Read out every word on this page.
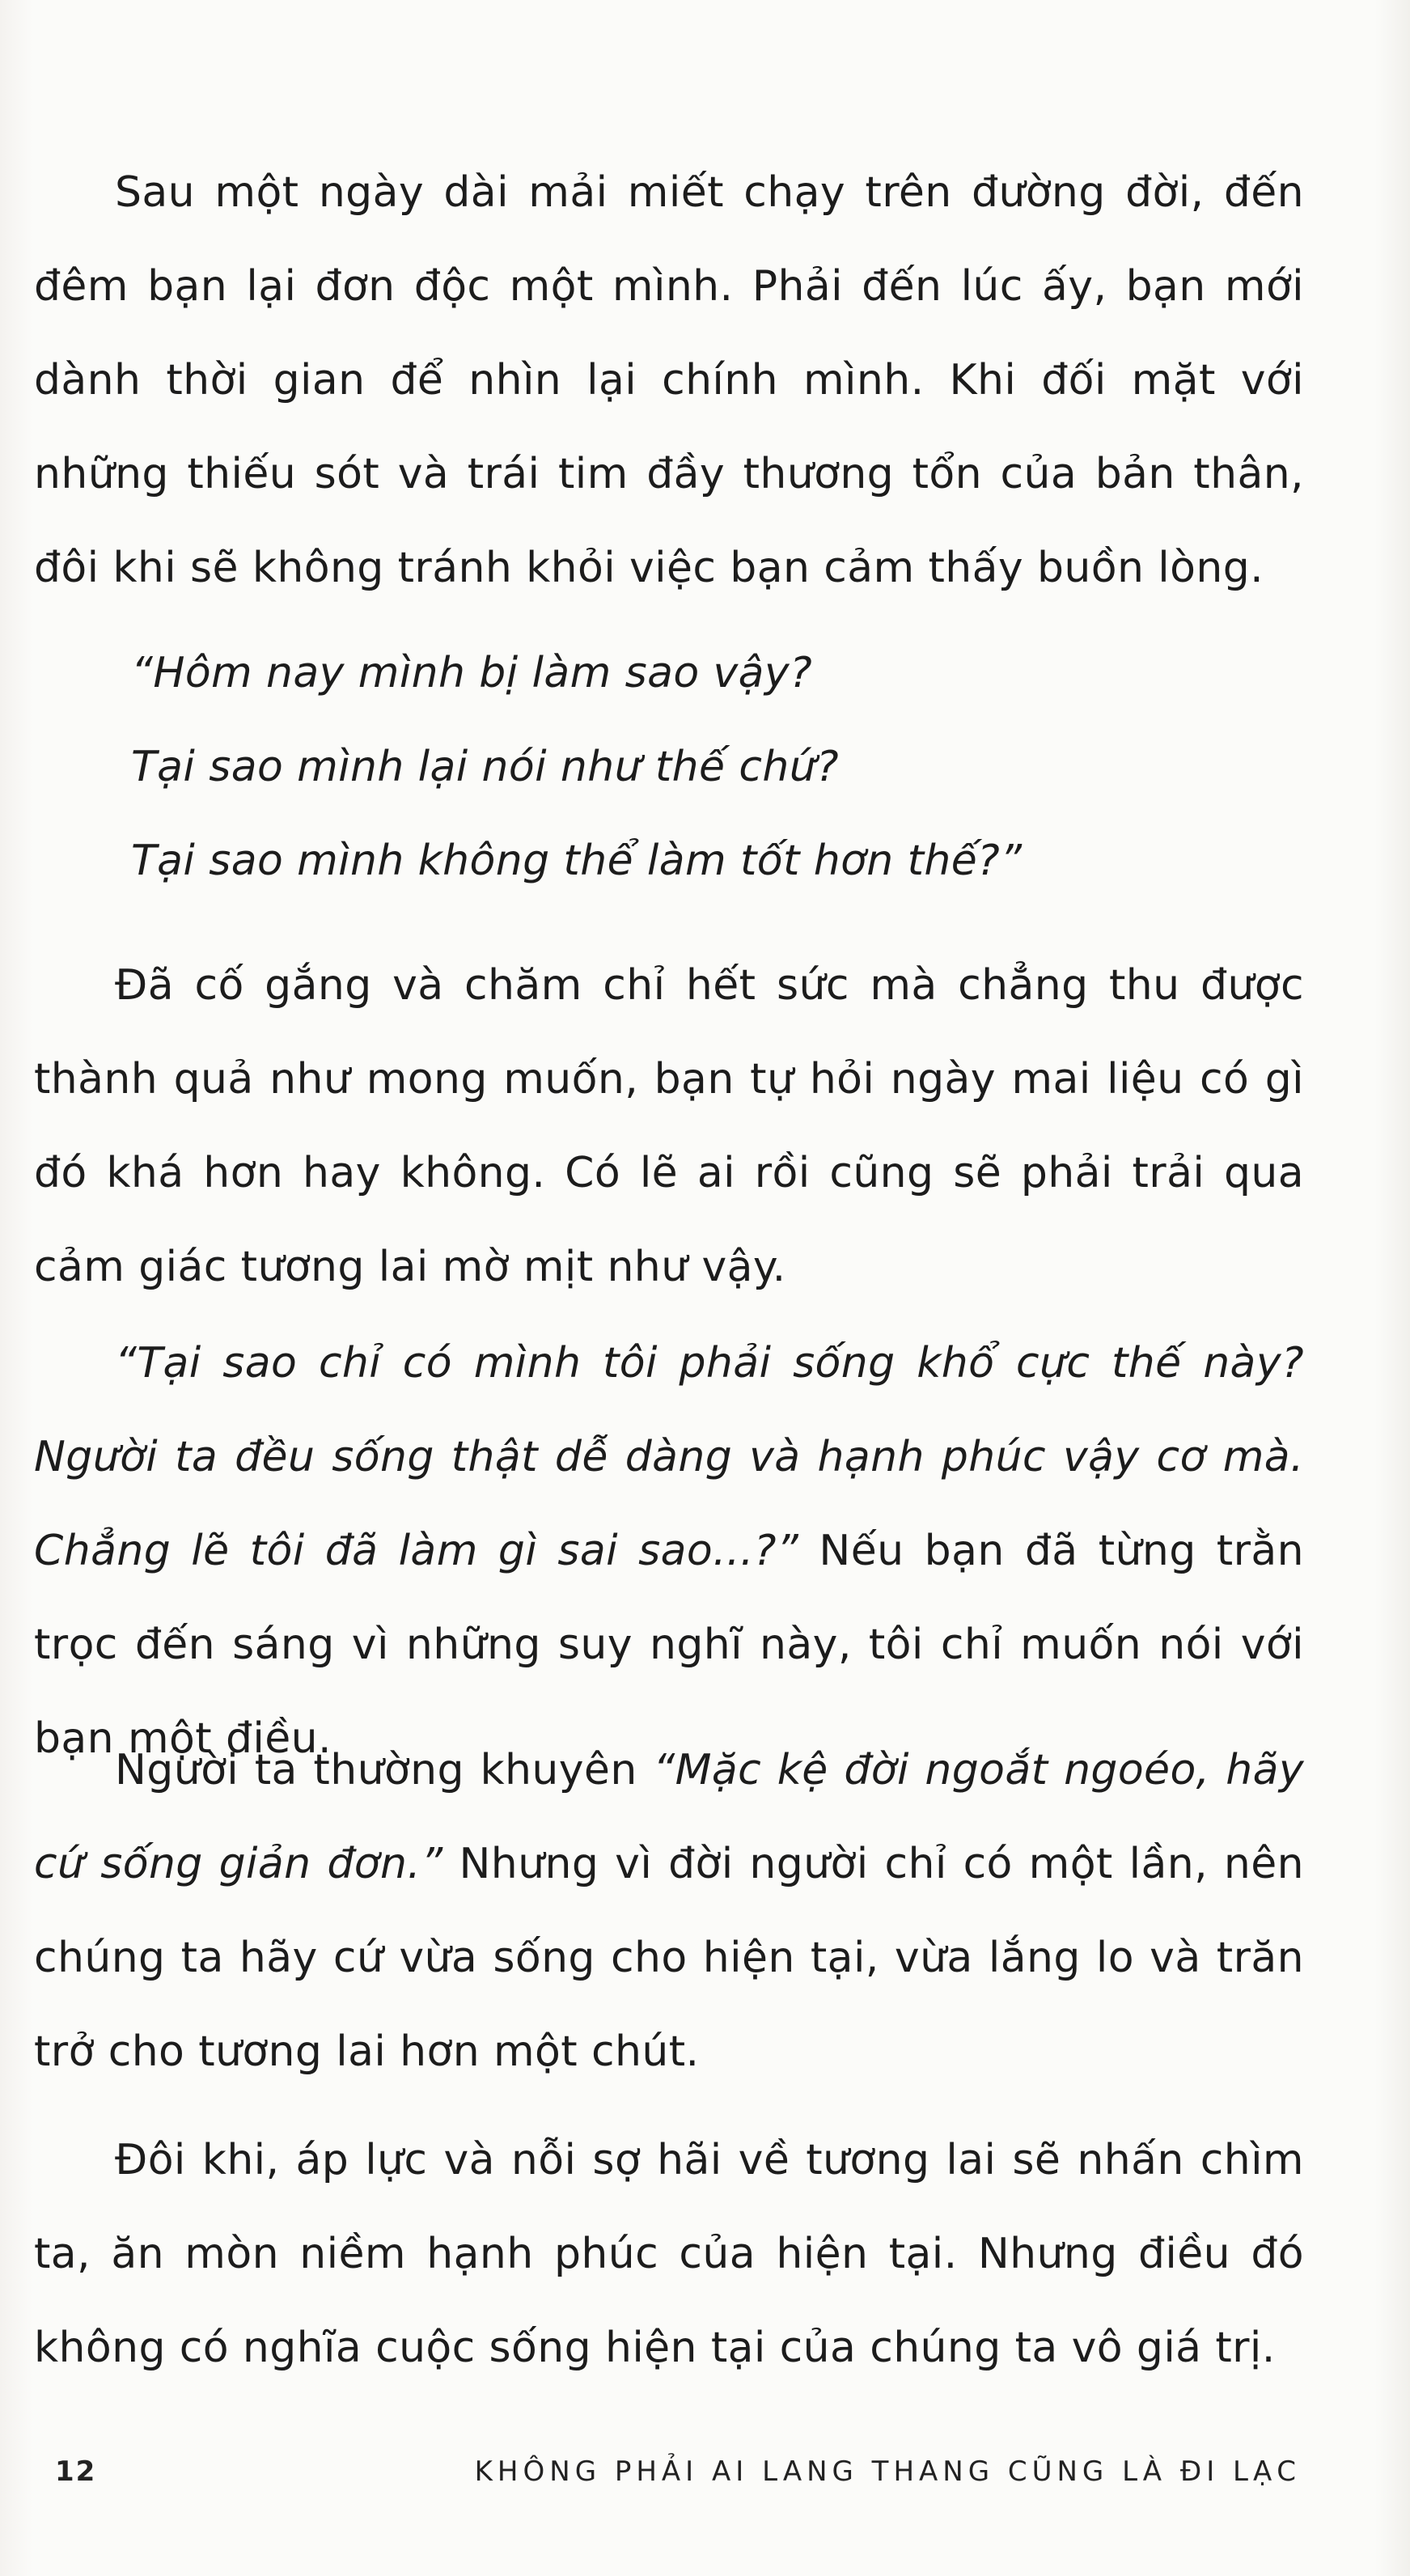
Sau một ngày dài mải miết chạy trên đường đời, đến đêm bạn lại đơn độc một mình. Phải đến lúc ấy, bạn mới dành thời gian để nhìn lại chính mình. Khi đối mặt với những thiếu sót và trái tim đầy thương tổn của bản thân, đôi khi sẽ không tránh khỏi việc bạn cảm thấy buồn lòng.

“Hôm nay mình bị làm sao vậy?
Tại sao mình lại nói như thế chứ?
Tại sao mình không thể làm tốt hơn thế?”

Đã cố gắng và chăm chỉ hết sức mà chẳng thu được thành quả như mong muốn, bạn tự hỏi ngày mai liệu có gì đó khá hơn hay không. Có lẽ ai rồi cũng sẽ phải trải qua cảm giác tương lai mờ mịt như vậy.

“Tại sao chỉ có mình tôi phải sống khổ cực thế này? Người ta đều sống thật dễ dàng và hạnh phúc vậy cơ mà. Chẳng lẽ tôi đã làm gì sai sao...?” Nếu bạn đã từng trằn trọc đến sáng vì những suy nghĩ này, tôi chỉ muốn nói với bạn một điều.

Người ta thường khuyên “Mặc kệ đời ngoắt ngoéo, hãy cứ sống giản đơn.” Nhưng vì đời người chỉ có một lần, nên chúng ta hãy cứ vừa sống cho hiện tại, vừa lắng lo và trăn trở cho tương lai hơn một chút.

Đôi khi, áp lực và nỗi sợ hãi về tương lai sẽ nhấn chìm ta, ăn mòn niềm hạnh phúc của hiện tại. Nhưng điều đó không có nghĩa cuộc sống hiện tại của chúng ta vô giá trị.

12	KHÔNG PHẢI AI LANG THANG CŨNG LÀ ĐI LẠC
